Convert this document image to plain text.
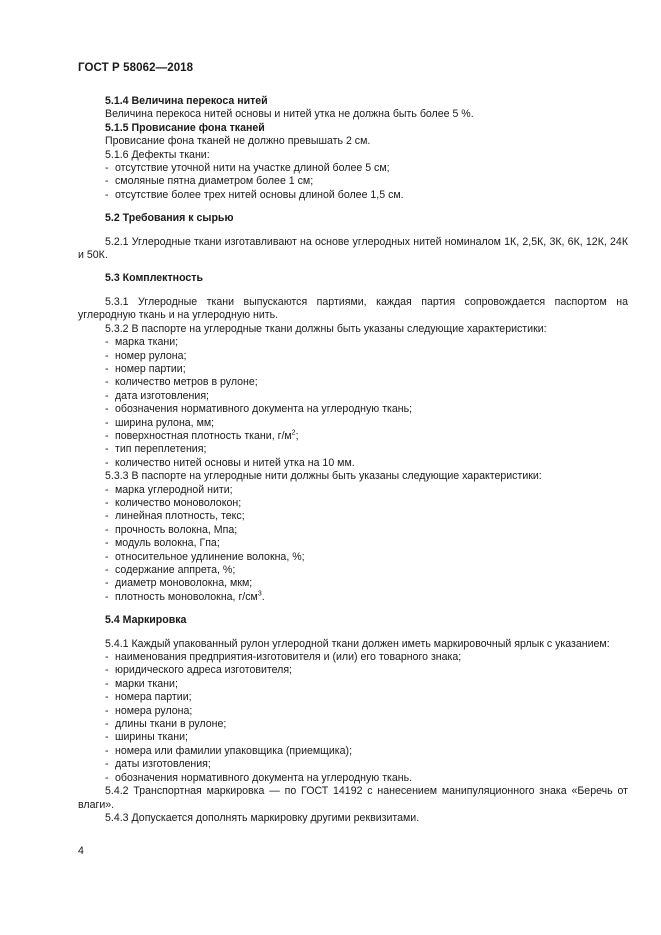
ГОСТ Р 58062—2018

5.1.4 Величина перекоса нитей

Величина перекоса нитей основы и нитей утка не должна быть более 5 %.

5.1.5 Провисание фона тканей

Провисание фона тканей не должно превышать 2 см.

5.1.6 Дефекты ткани:

- отсутствие уточной нити на участке длиной более 5 см;
- смоляные пятна диаметром более 1 см;
- отсутствие более трех нитей основы длиной более 1,5 см.

5.2 Требования к сырью

5.2.1 Углеродные ткани изготавливают на основе углеродных нитей номиналом 1К, 2,5К, 3К, 6К, 12К, 24К и 50К.

5.3 Комплектность

5.3.1 Углеродные ткани выпускаются партиями, каждая партия сопровождается паспортом на углеродную ткань и на углеродную нить.

5.3.2 В паспорте на углеродные ткани должны быть указаны следующие характеристики:

- марка ткани;
- номер рулона;
- номер партии;
- количество метров в рулоне;
- дата изготовления;
- обозначения нормативного документа на углеродную ткань;
- ширина рулона, мм;
- поверхностная плотность ткани, $г/м^2$;
- тип переплетения;
- количество нитей основы и нитей утка на 10 мм.

5.3.3 В паспорте на углеродные нити должны быть указаны следующие характеристики:

- марка углеродной нити;
- количество моноволокон;
- линейная плотность, текс;
- прочность волокна, Мпа;
- модуль волокна, Гпа;
- относительное удлинение волокна, %;
- содержание аппрета, %;
- диаметр моноволокна, мкм;
- плотность моноволокна, $г/см^3$.

5.4 Маркировка

5.4.1 Каждый упакованный рулон углеродной ткани должен иметь маркировочный ярлык с указанием:

- наименования предприятия-изготовителя и (или) его товарного знака;
- юридического адреса изготовителя;
- марки ткани;
- номера партии;
- номера рулона;
- длины ткани в рулоне;
- ширины ткани;
- номера или фамилии упаковщика (приемщика);
- даты изготовления;
- обозначения нормативного документа на углеродную ткань.

5.4.2 Транспортная маркировка — по ГОСТ 14192 с нанесением манипуляционного знака «Беречь от влаги».

5.4.3 Допускается дополнять маркировку другими реквизитами.

4
